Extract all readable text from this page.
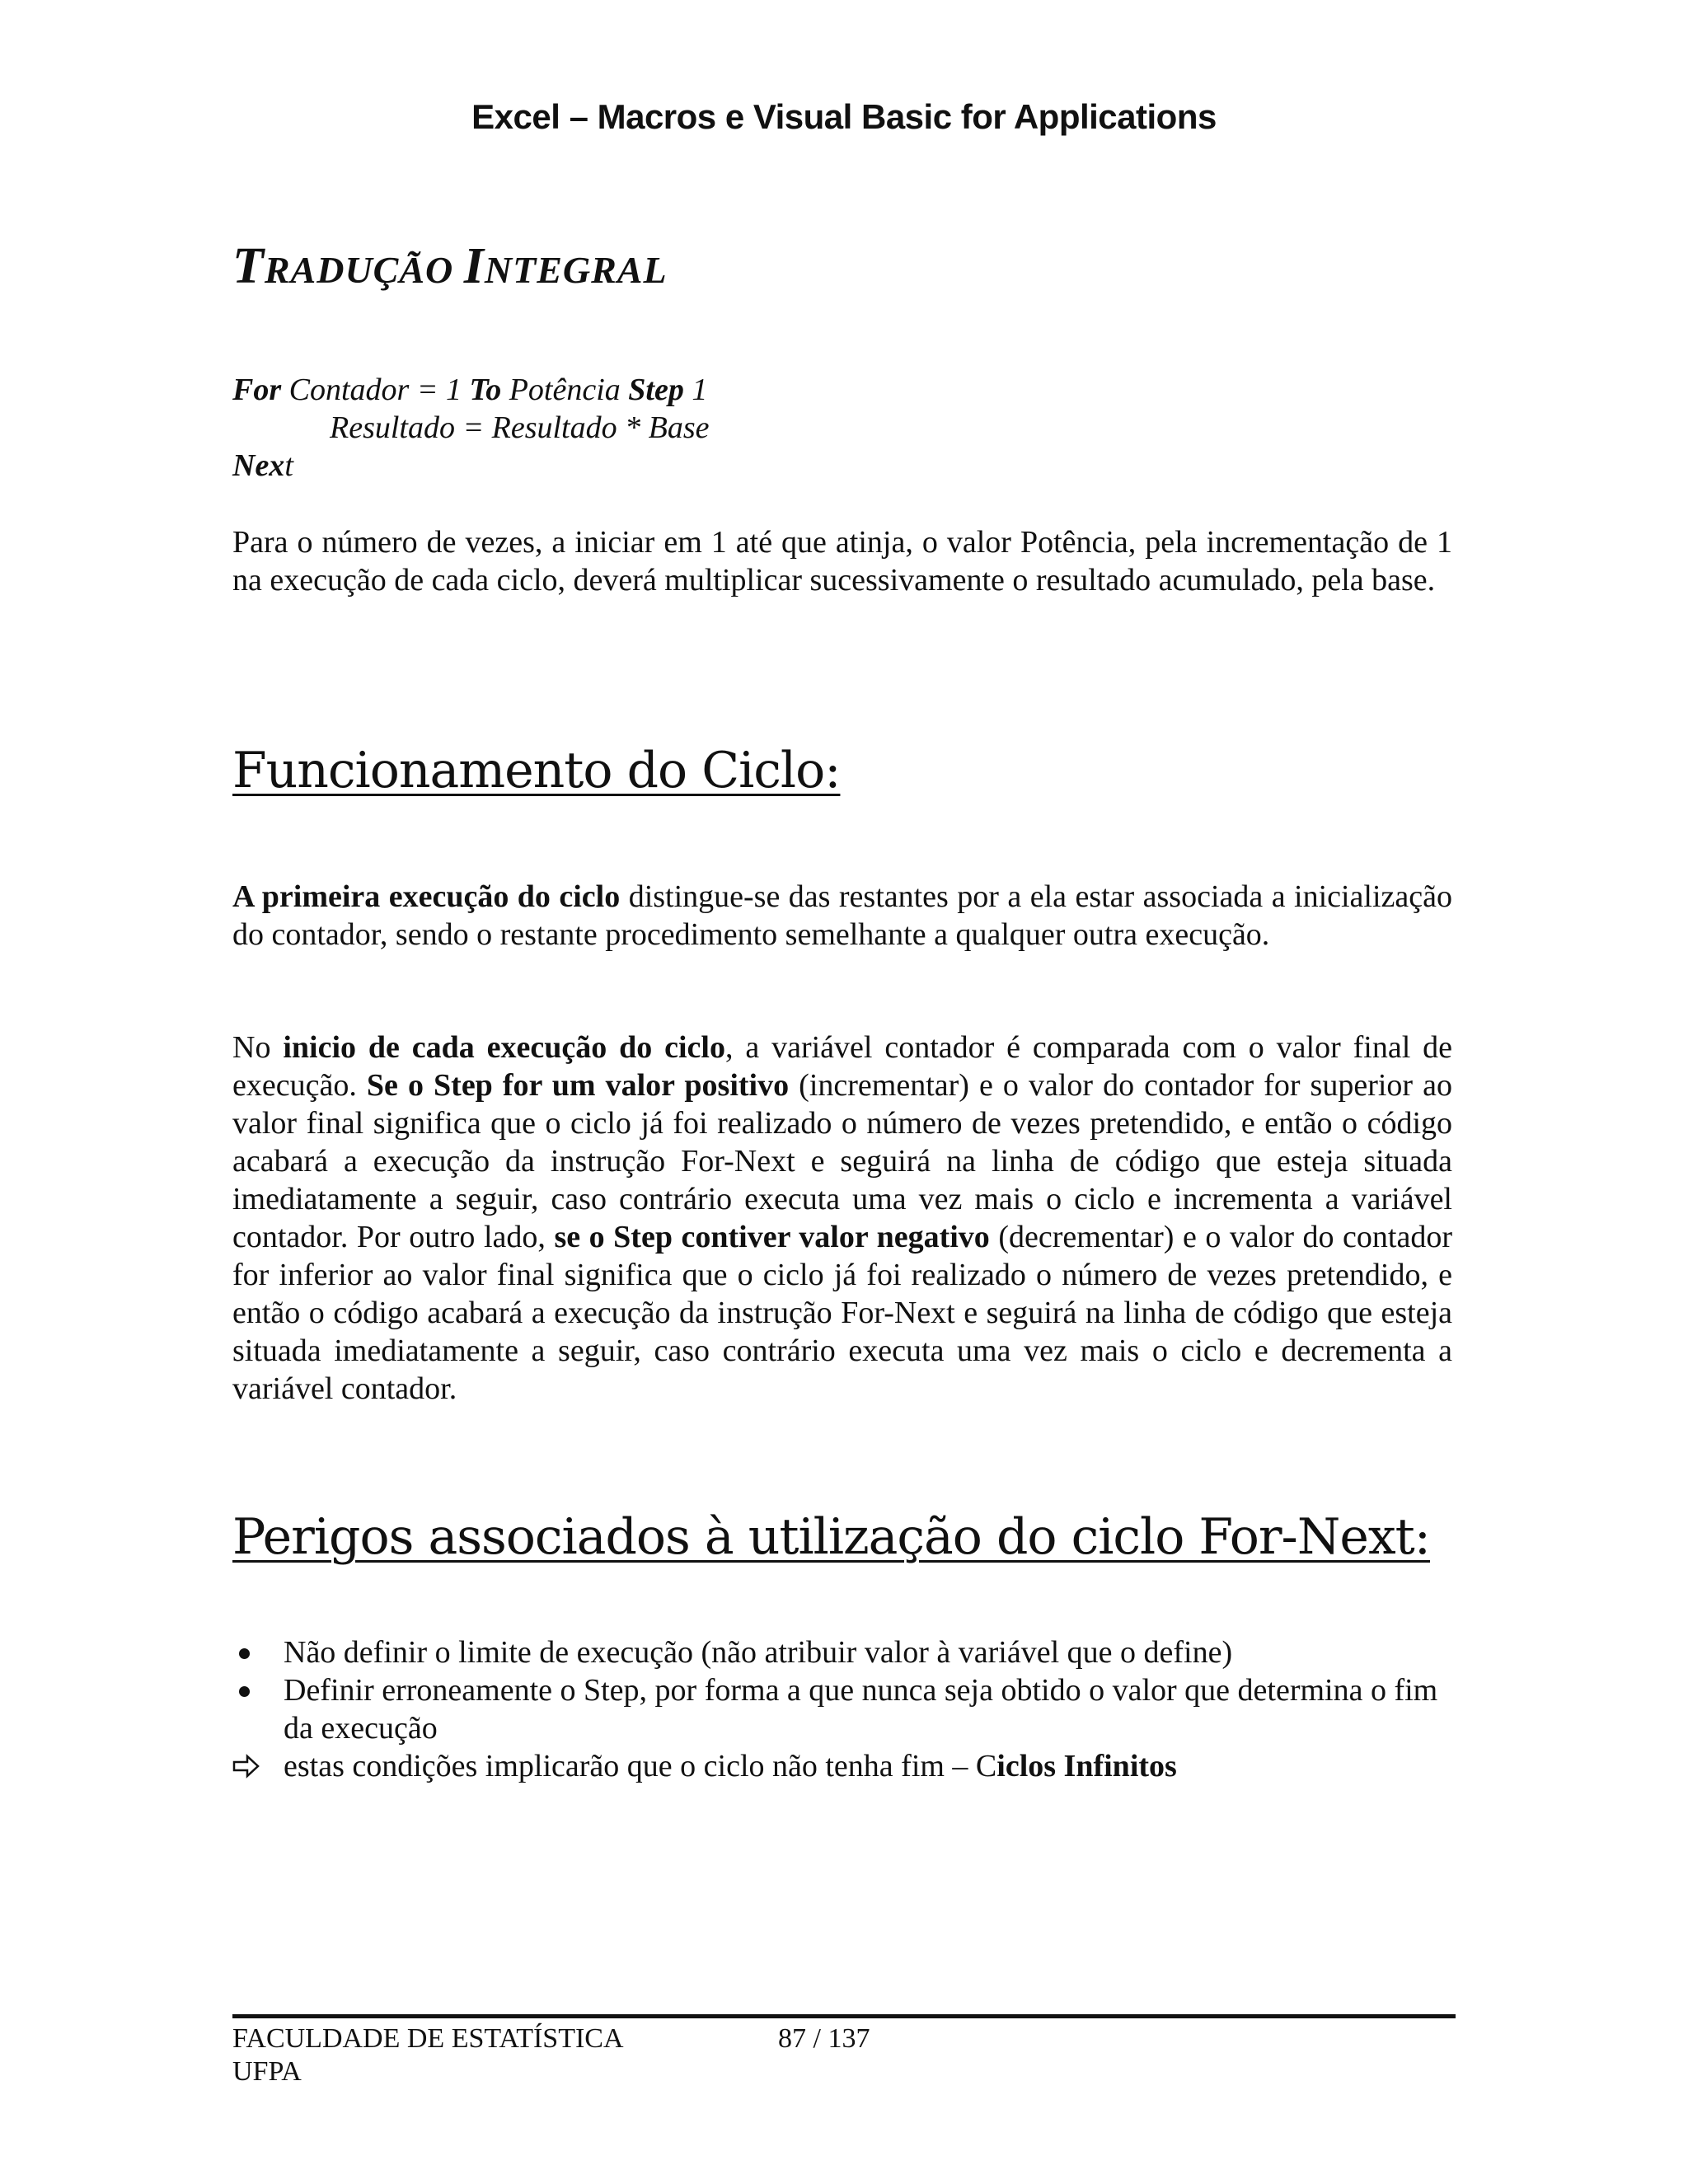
Excel – Macros e Visual Basic for Applications
TRADUÇÃO INTEGRAL
For Contador = 1 To Potência Step 1
Resultado = Resultado * Base
Next
Para o número de vezes, a iniciar em 1 até que atinja, o valor Potência, pela incrementação de 1 na execução de cada ciclo, deverá multiplicar sucessivamente o resultado acumulado, pela base.
Funcionamento do Ciclo:
A primeira execução do ciclo distingue-se das restantes por a ela estar associada a inicialização do contador, sendo o restante procedimento semelhante a qualquer outra execução.
No inicio de cada execução do ciclo, a variável contador é comparada com o valor final de execução. Se o Step for um valor positivo (incrementar) e o valor do contador for superior ao valor final significa que o ciclo já foi realizado o número de vezes pretendido, e então o código acabará a execução da instrução For-Next e seguirá na linha de código que esteja situada imediatamente a seguir, caso contrário executa uma vez mais o ciclo e incrementa a variável contador. Por outro lado, se o Step contiver valor negativo (decrementar) e o valor do contador for inferior ao valor final significa que o ciclo já foi realizado o número de vezes pretendido, e então o código acabará a execução da instrução For-Next e seguirá na linha de código que esteja situada imediatamente a seguir, caso contrário executa uma vez mais o ciclo e decrementa a variável contador.
Perigos associados à utilização do ciclo For-Next:
Não definir o limite de execução (não atribuir valor à variável que o define)
Definir erroneamente o Step, por forma a que nunca seja obtido o valor que determina o fim da execução
estas condições implicarão que o ciclo não tenha fim – Ciclos Infinitos
FACULDADE DE ESTATÍSTICA
UFPA
87 / 137
